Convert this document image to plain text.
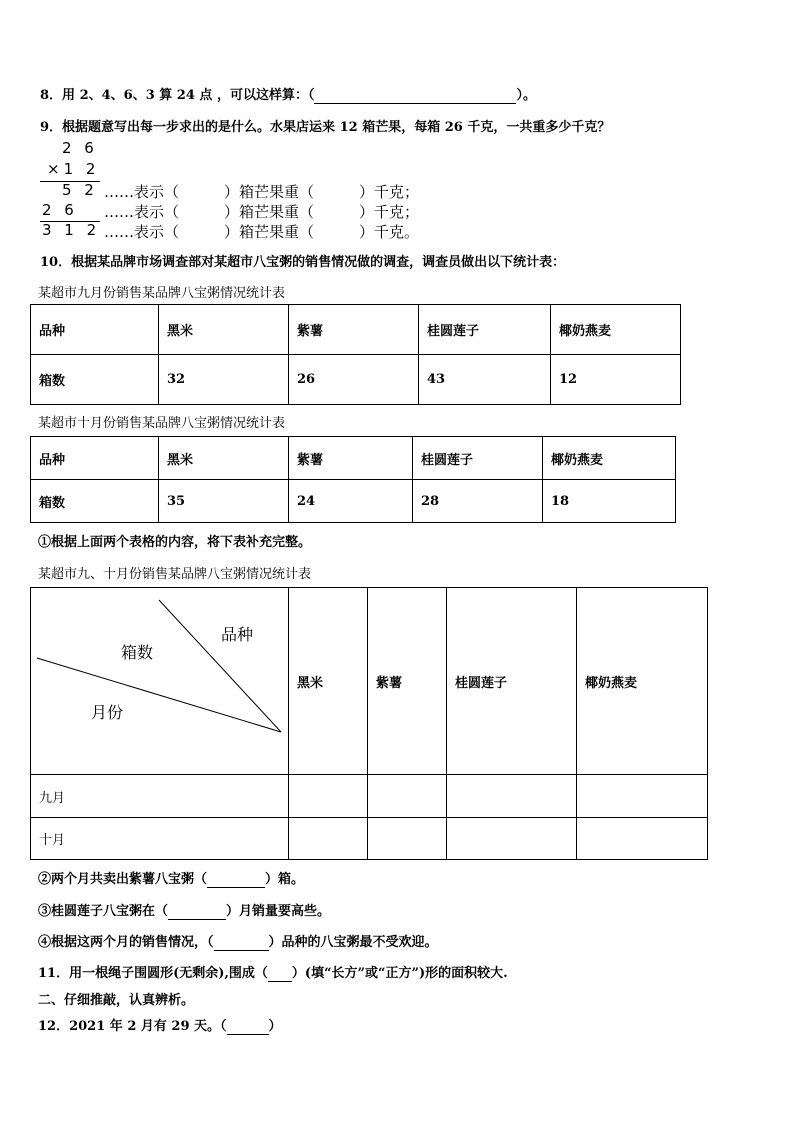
8．用 2、4、6、3 算 24 点 ，可以这样算：（	）。
9．根据题意写出每一步求出的是什么。水果店运来 12 箱芒果，每箱 26 千克，一共重多少千克？
2 6
×1 2
5 2
2 6
3 1 2
……表示（　　　）箱芒果重（　　　）千克；
……表示（　　　）箱芒果重（　　　）千克；
……表示（　　　）箱芒果重（　　　）千克。
10．根据某品牌市场调查部对某超市八宝粥的销售情况做的调查，调查员做出以下统计表：
某超市九月份销售某品牌八宝粥情况统计表
品种	黑米	紫薯	桂圆莲子	椰奶燕麦
箱数	32	26	43	12
某超市十月份销售某品牌八宝粥情况统计表
品种	黑米	紫薯	桂圆莲子	椰奶燕麦
箱数	35	24	28	18
①根据上面两个表格的内容，将下表补充完整。
某超市九、十月份销售某品牌八宝粥情况统计表
品种
箱数
月份	黑米	紫薯	桂圆莲子	椰奶燕麦
九月				
十月				
②两个月共卖出紫薯八宝粥（	）箱。
③桂圆莲子八宝粥在（	）月销量要高些。
④根据这两个月的销售情况，（	）品种的八宝粥最不受欢迎。
11．用一根绳子围圆形(无剩余),围成（ ）(填“长方”或“正方”)形的面积较大.
二、仔细推敲，认真辨析。
12．2021 年 2 月有 29 天。（	）
